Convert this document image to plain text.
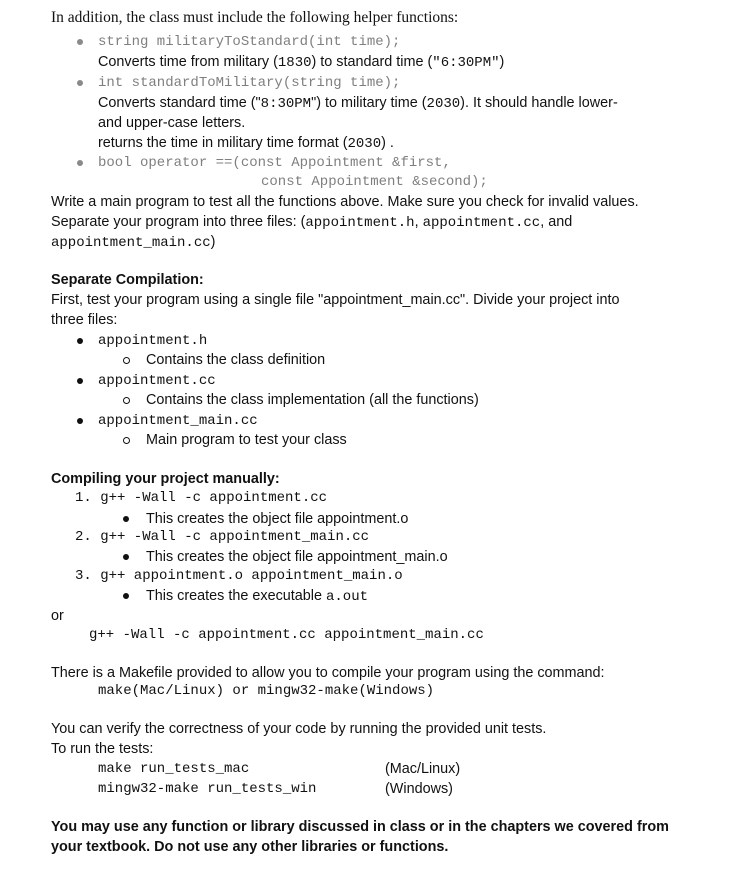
In addition, the class must include the following helper functions:
string militaryToStandard(int time);
Converts time from military (1830) to standard time ("6:30PM")
int standardToMilitary(string time);
Converts standard time ("8:30PM") to military time (2030). It should handle lower-
and upper-case letters.
returns the time in military time format (2030) .
bool operator ==(const Appointment &first,
const Appointment &second);
Write a main program to test all the functions above. Make sure you check for invalid values.
Separate your program into three files: (appointment.h, appointment.cc, and
appointment_main.cc)
Separate Compilation:
First, test your program using a single file "appointment_main.cc". Divide your project into
three files:
appointment.h
Contains the class definition
appointment.cc
Contains the class implementation (all the functions)
appointment_main.cc
Main program to test your class
Compiling your project manually:
1. g++ -Wall -c appointment.cc
This creates the object file appointment.o
2. g++ -Wall -c appointment_main.cc
This creates the object file appointment_main.o
3. g++ appointment.o appointment_main.o
This creates the executable a.out
or
g++ -Wall -c appointment.cc appointment_main.cc
There is a Makefile provided to allow you to compile your program using the command:
make(Mac/Linux) or mingw32-make(Windows)
You can verify the correctness of your code by running the provided unit tests.
To run the tests:
make run_tests_mac	(Mac/Linux)
mingw32-make run_tests_win	(Windows)
You may use any function or library discussed in class or in the chapters we covered from
your textbook. Do not use any other libraries or functions.
